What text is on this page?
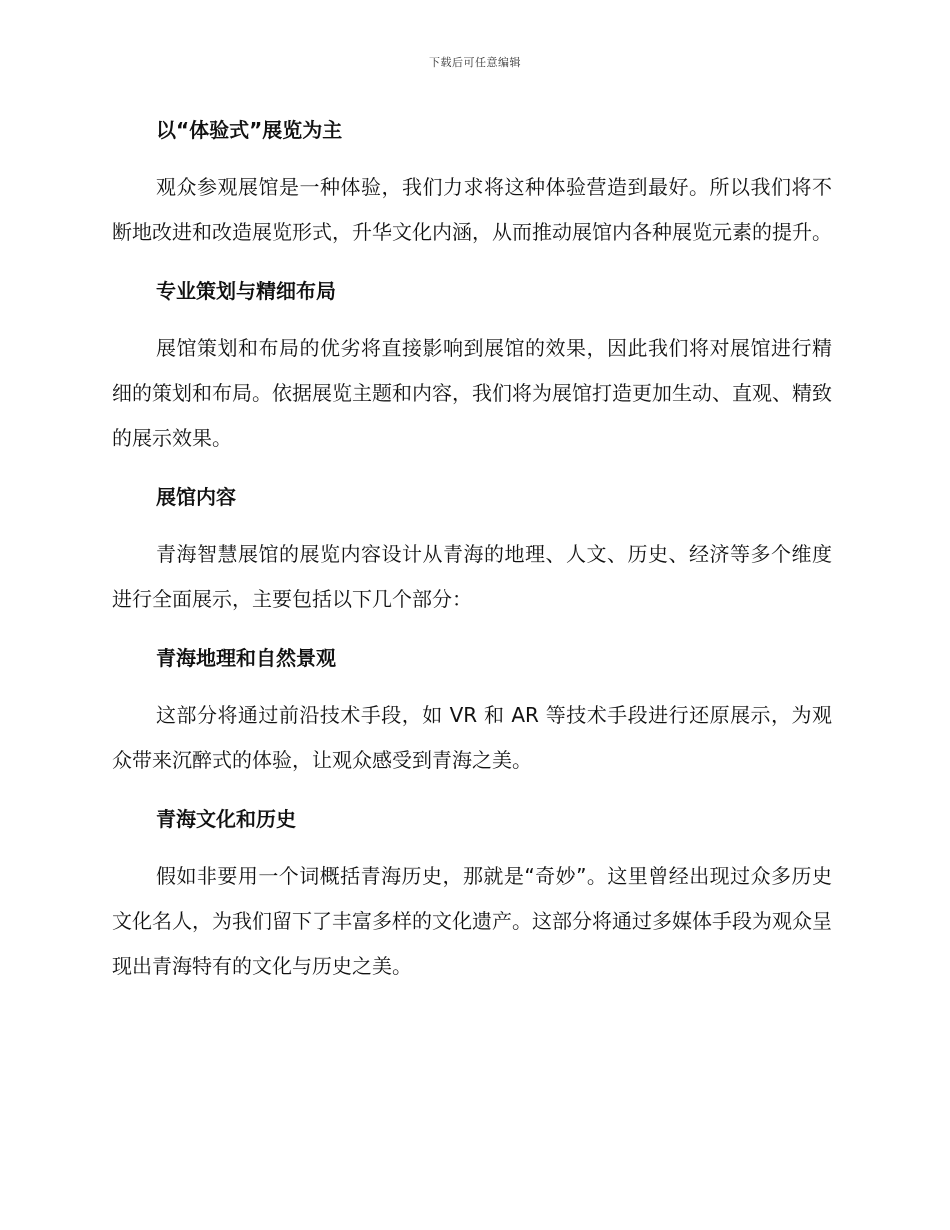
下载后可任意编辑
以“体验式”展览为主

观众参观展馆是一种体验，我们力求将这种体验营造到最好。所以我们将不断地改进和改造展览形式，升华文化内涵，从而推动展馆内各种展览元素的提升。

专业策划与精细布局

展馆策划和布局的优劣将直接影响到展馆的效果，因此我们将对展馆进行精细的策划和布局。依据展览主题和内容，我们将为展馆打造更加生动、直观、精致的展示效果。

展馆内容

青海智慧展馆的展览内容设计从青海的地理、人文、历史、经济等多个维度进行全面展示，主要包括以下几个部分：

青海地理和自然景观

这部分将通过前沿技术手段，如 VR 和 AR 等技术手段进行还原展示，为观众带来沉醉式的体验，让观众感受到青海之美。

青海文化和历史

假如非要用一个词概括青海历史，那就是“奇妙”。这里曾经出现过众多历史文化名人，为我们留下了丰富多样的文化遗产。这部分将通过多媒体手段为观众呈现出青海特有的文化与历史之美。
